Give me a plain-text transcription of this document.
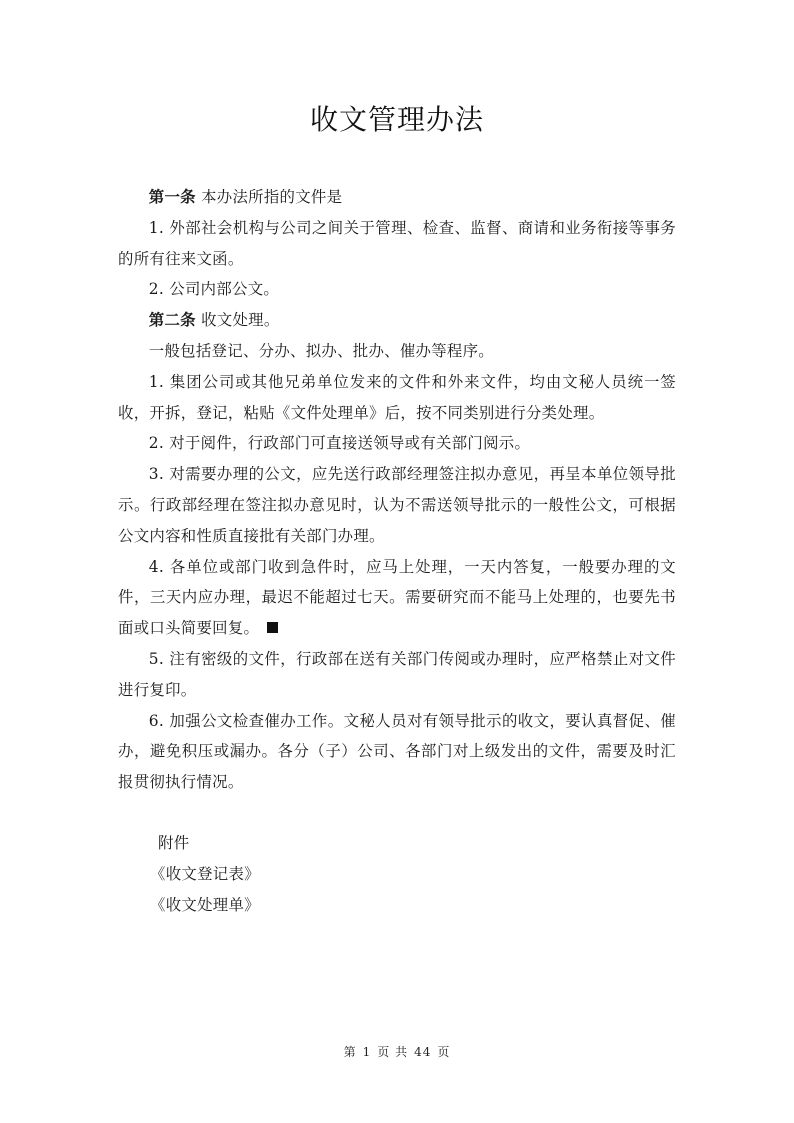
收文管理办法

第一条 本办法所指的文件是

1. 外部社会机构与公司之间关于管理、检查、监督、商请和业务衔接等事务的所有往来文函。

2. 公司内部公文。

第二条 收文处理。

一般包括登记、分办、拟办、批办、催办等程序。

1. 集团公司或其他兄弟单位发来的文件和外来文件，均由文秘人员统一签收，开拆，登记，粘贴《文件处理单》后，按不同类别进行分类处理。

2. 对于阅件，行政部门可直接送领导或有关部门阅示。

3. 对需要办理的公文，应先送行政部经理签注拟办意见，再呈本单位领导批示。行政部经理在签注拟办意见时，认为不需送领导批示的一般性公文，可根据公文内容和性质直接批有关部门办理。

4. 各单位或部门收到急件时，应马上处理，一天内答复，一般要办理的文件，三天内应办理，最迟不能超过七天。需要研究而不能马上处理的，也要先书面或口头简要回复。

5. 注有密级的文件，行政部在送有关部门传阅或办理时，应严格禁止对文件进行复印。

6. 加强公文检查催办工作。文秘人员对有领导批示的收文，要认真督促、催办，避免积压或漏办。各分（子）公司、各部门对上级发出的文件，需要及时汇报贯彻执行情况。

附件

《收文登记表》

《收文处理单》

第 1 页 共 44 页
